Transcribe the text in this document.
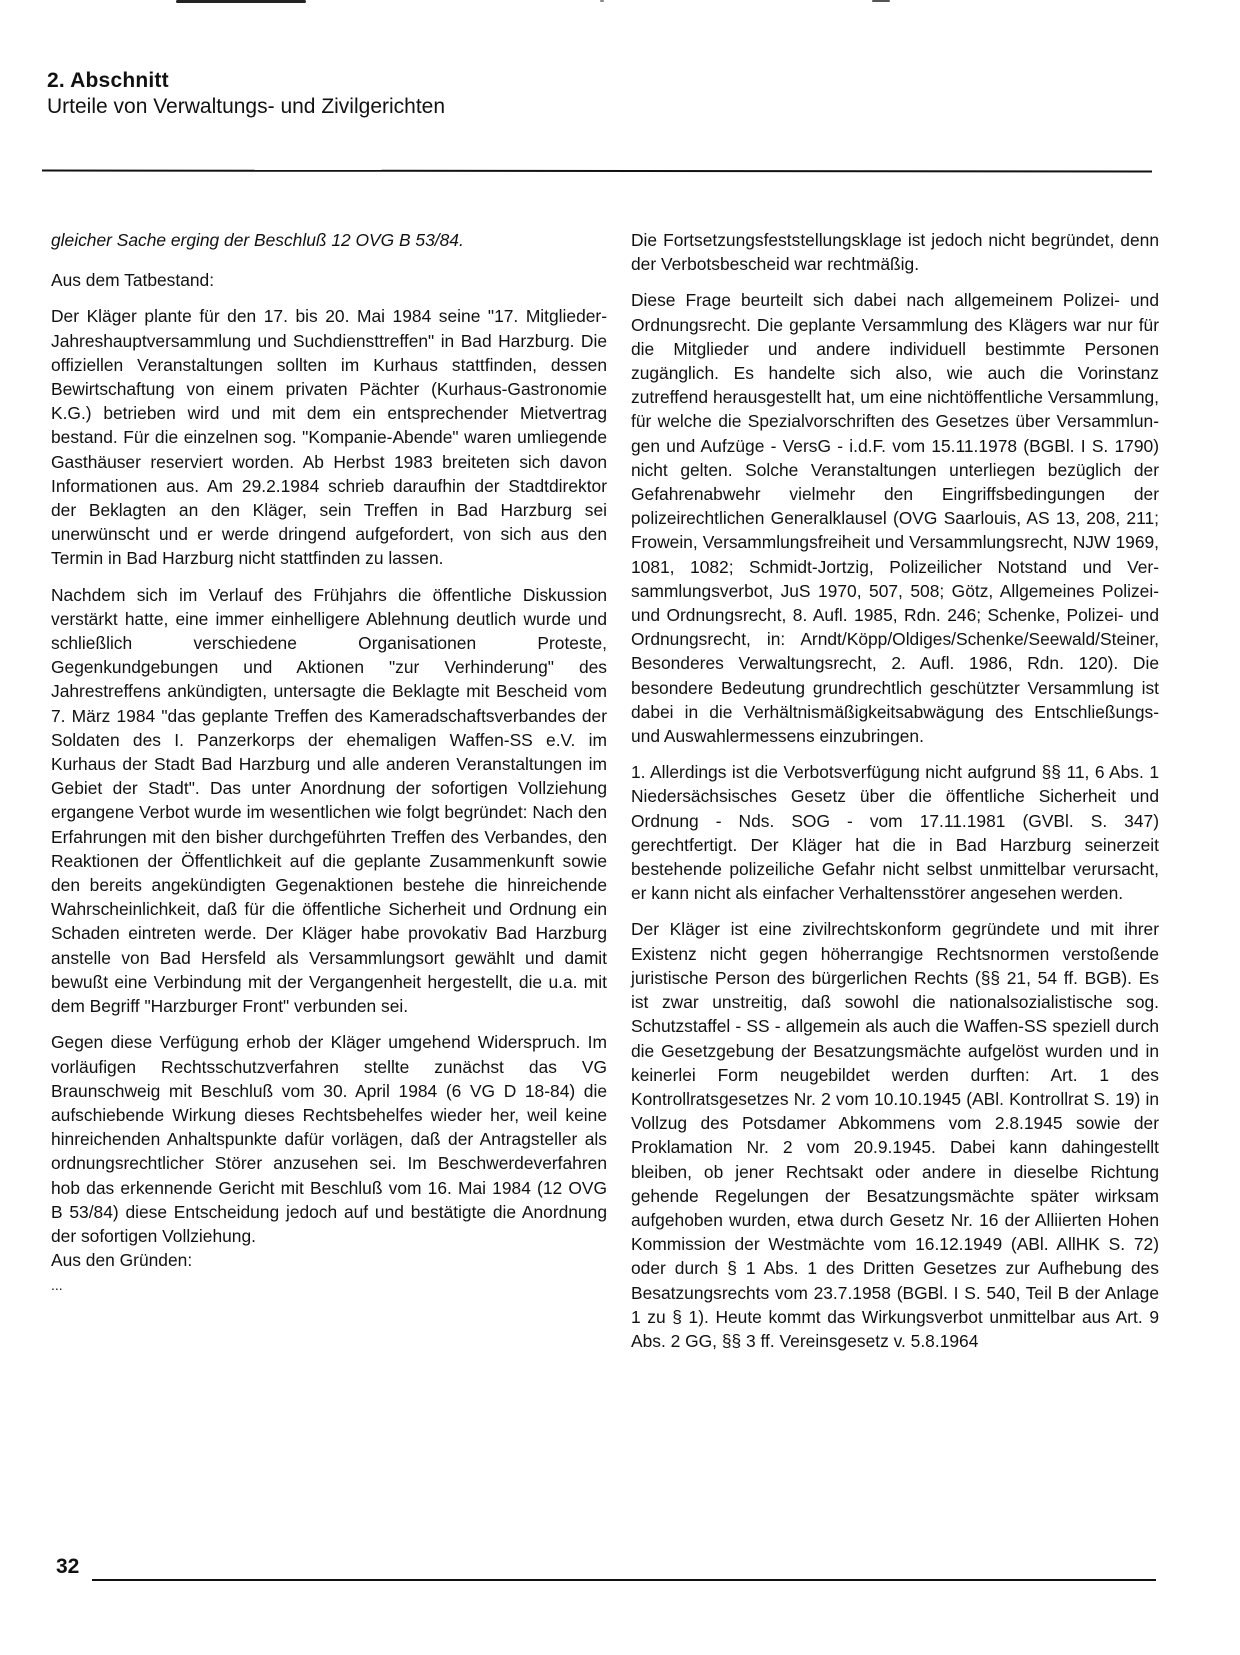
2. Abschnitt
Urteile von Verwaltungs- und Zivilgerichten

gleicher Sache erging der Beschluß 12 OVG B 53/84.

Aus dem Tatbestand:

Der Kläger plante für den 17. bis 20. Mai 1984 seine "17. Mitglieder-Jahreshauptversammlung und Suchdiensttreffen" in Bad Harzburg. Die offiziellen Veranstaltungen sollten im Kurhaus stattfinden, dessen Bewirtschaftung von einem privaten Pächter (Kurhaus-Gastronomie K.G.) betrieben wird und mit dem ein entsprechender Mietvertrag bestand. Für die einzelnen sog. "Kompanie-Abende" waren umliegende Gasthäuser reserviert worden. Ab Herbst 1983 breiteten sich davon Informationen aus. Am 29.2.1984 schrieb daraufhin der Stadtdirektor der Beklagten an den Kläger, sein Treffen in Bad Harzburg sei unerwünscht und er werde dringend aufgefordert, von sich aus den Termin in Bad Harzburg nicht stattfinden zu lassen.

Nachdem sich im Verlauf des Frühjahrs die öffentliche Diskussion verstärkt hatte, eine immer einhelligere Ablehnung deutlich wurde und schließlich verschiedene Organisationen Proteste, Gegenkundgebungen und Aktionen "zur Verhinderung" des Jahrestreffens ankündigten, untersagte die Beklagte mit Bescheid vom 7. März 1984 "das geplante Treffen des Kameradschaftsverbandes der Soldaten des I. Panzerkorps der ehemaligen Waffen-SS e.V. im Kurhaus der Stadt Bad Harzburg und alle anderen Veranstaltungen im Gebiet der Stadt". Das unter Anordnung der sofortigen Vollziehung ergangene Verbot wurde im wesentlichen wie folgt begründet: Nach den Erfahrungen mit den bisher durchgeführten Treffen des Verbandes, den Reaktionen der Öffentlichkeit auf die geplante Zusammenkunft sowie den bereits angekündigten Gegenaktionen bestehe die hinreichende Wahrscheinlichkeit, daß für die öffentliche Sicherheit und Ordnung ein Schaden eintreten werde. Der Kläger habe provokativ Bad Harzburg anstelle von Bad Hersfeld als Versammlungsort gewählt und damit bewußt eine Verbindung mit der Vergangenheit hergestellt, die u.a. mit dem Begriff "Harzburger Front" verbunden sei.

Gegen diese Verfügung erhob der Kläger umgehend Widerspruch. Im vorläufigen Rechtsschutzverfahren stellte zunächst das VG Braunschweig mit Beschluß vom 30. April 1984 (6 VG D 18-84) die aufschiebende Wirkung dieses Rechtsbehelfes wieder her, weil keine hinreichenden Anhaltspunkte dafür vorlägen, daß der Antragsteller als ordnungsrechtlicher Störer anzusehen sei. Im Beschwerdeverfahren hob das erkennende Gericht mit Beschluß vom 16. Mai 1984 (12 OVG B 53/84) diese Entscheidung jedoch auf und bestätigte die Anordnung der sofortigen Vollziehung.

Aus den Gründen:

...

Die Fortsetzungsfeststellungsklage ist jedoch nicht begründet, denn der Verbotsbescheid war rechtmäßig.

Diese Frage beurteilt sich dabei nach allgemeinem Polizei- und Ordnungsrecht. Die geplante Versammlung des Klägers war nur für die Mitglieder und andere individuell bestimmte Personen zugänglich. Es handelte sich also, wie auch die Vorinstanz zutreffend herausgestellt hat, um eine nichtöffentliche Versammlung, für welche die Spezialvorschriften des Gesetzes über Versammlungen und Aufzüge - VersG - i.d.F. vom 15.11.1978 (BGBl. I S. 1790) nicht gelten. Solche Veranstaltungen unterliegen bezüglich der Gefahrenabwehr vielmehr den Eingriffsbedingungen der polizeirechtlichen Generalklausel (OVG Saarlouis, AS 13, 208, 211; Frowein, Versammlungsfreiheit und Versammlungsrecht, NJW 1969, 1081, 1082; Schmidt-Jortzig, Polizeilicher Notstand und Versammlungsverbot, JuS 1970, 507, 508; Götz, Allgemeines Polizei- und Ordnungsrecht, 8. Aufl. 1985, Rdn. 246; Schenke, Polizei- und Ordnungsrecht, in: Arndt/Köpp/Oldiges/Schenke/Seewald/Steiner, Besonderes Verwaltungsrecht, 2. Aufl. 1986, Rdn. 120). Die besondere Bedeutung grundrechtlich geschützter Versammlung ist dabei in die Verhältnismäßigkeitsabwägung des Entschließungs- und Auswahlermessens einzubringen.

1. Allerdings ist die Verbotsverfügung nicht aufgrund §§ 11, 6 Abs. 1 Niedersächsisches Gesetz über die öffentliche Sicherheit und Ordnung - Nds. SOG - vom 17.11.1981 (GVBl. S. 347) gerechtfertigt. Der Kläger hat die in Bad Harzburg seinerzeit bestehende polizeiliche Gefahr nicht selbst unmittelbar verursacht, er kann nicht als einfacher Verhaltensstörer angesehen werden.

Der Kläger ist eine zivilrechtskonform gegründete und mit ihrer Existenz nicht gegen höherrangige Rechtsnormen verstoßende juristische Person des bürgerlichen Rechts (§§ 21, 54 ff. BGB). Es ist zwar unstreitig, daß sowohl die nationalsozialistische sog. Schutzstaffel - SS - allgemein als auch die Waffen-SS speziell durch die Gesetzgebung der Besatzungsmächte aufgelöst wurden und in keinerlei Form neugebildet werden durften: Art. 1 des Kontrollratsgesetzes Nr. 2 vom 10.10.1945 (ABl. Kontrollrat S. 19) in Vollzug des Potsdamer Abkommens vom 2.8.1945 sowie der Proklamation Nr. 2 vom 20.9.1945. Dabei kann dahingestellt bleiben, ob jener Rechtsakt oder andere in dieselbe Richtung gehende Regelungen der Besatzungsmächte später wirksam aufgehoben wurden, etwa durch Gesetz Nr. 16 der Alliierten Hohen Kommission der Westmächte vom 16.12.1949 (ABl. AllHK S. 72) oder durch § 1 Abs. 1 des Dritten Gesetzes zur Aufhebung des Besatzungsrechts vom 23.7.1958 (BGBl. I S. 540, Teil B der Anlage 1 zu § 1). Heute kommt das Wirkungsverbot unmittelbar aus Art. 9 Abs. 2 GG, §§ 3 ff. Vereinsgesetz v. 5.8.1964

32
